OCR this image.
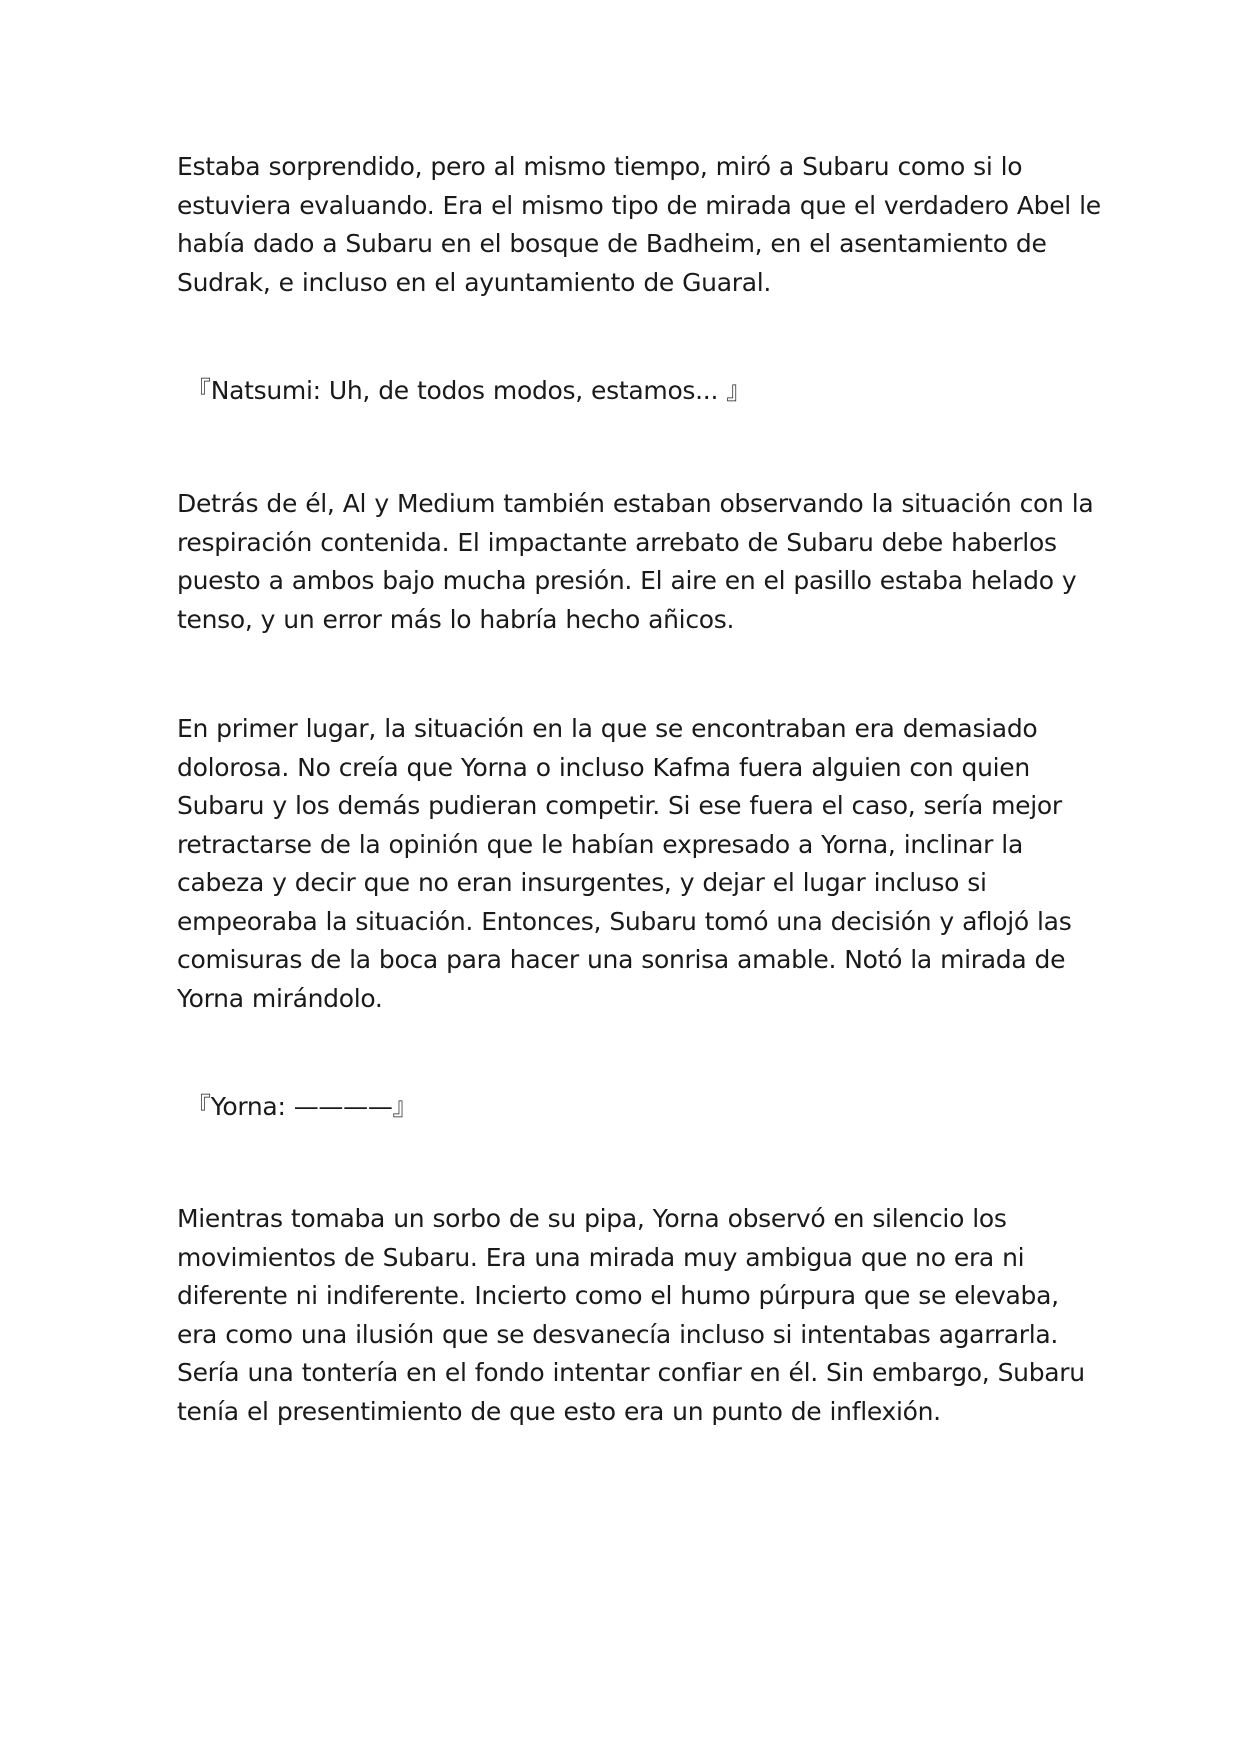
Estaba sorprendido, pero al mismo tiempo, miró a Subaru como si lo
estuviera evaluando. Era el mismo tipo de mirada que el verdadero Abel le
había dado a Subaru en el bosque de Badheim, en el asentamiento de
Sudrak, e incluso en el ayuntamiento de Guaral.
『Natsumi: Uh, de todos modos, estamos... 』
Detrás de él, Al y Medium también estaban observando la situación con la
respiración contenida. El impactante arrebato de Subaru debe haberlos
puesto a ambos bajo mucha presión. El aire en el pasillo estaba helado y
tenso, y un error más lo habría hecho añicos.
En primer lugar, la situación en la que se encontraban era demasiado
dolorosa. No creía que Yorna o incluso Kafma fuera alguien con quien
Subaru y los demás pudieran competir. Si ese fuera el caso, sería mejor
retractarse de la opinión que le habían expresado a Yorna, inclinar la
cabeza y decir que no eran insurgentes, y dejar el lugar incluso si
empeoraba la situación. Entonces, Subaru tomó una decisión y aflojó las
comisuras de la boca para hacer una sonrisa amable. Notó la mirada de
Yorna mirándolo.
『Yorna: ————』
Mientras tomaba un sorbo de su pipa, Yorna observó en silencio los
movimientos de Subaru. Era una mirada muy ambigua que no era ni
diferente ni indiferente. Incierto como el humo púrpura que se elevaba,
era como una ilusión que se desvanecía incluso si intentabas agarrarla.
Sería una tontería en el fondo intentar confiar en él. Sin embargo, Subaru
tenía el presentimiento de que esto era un punto de inflexión.
